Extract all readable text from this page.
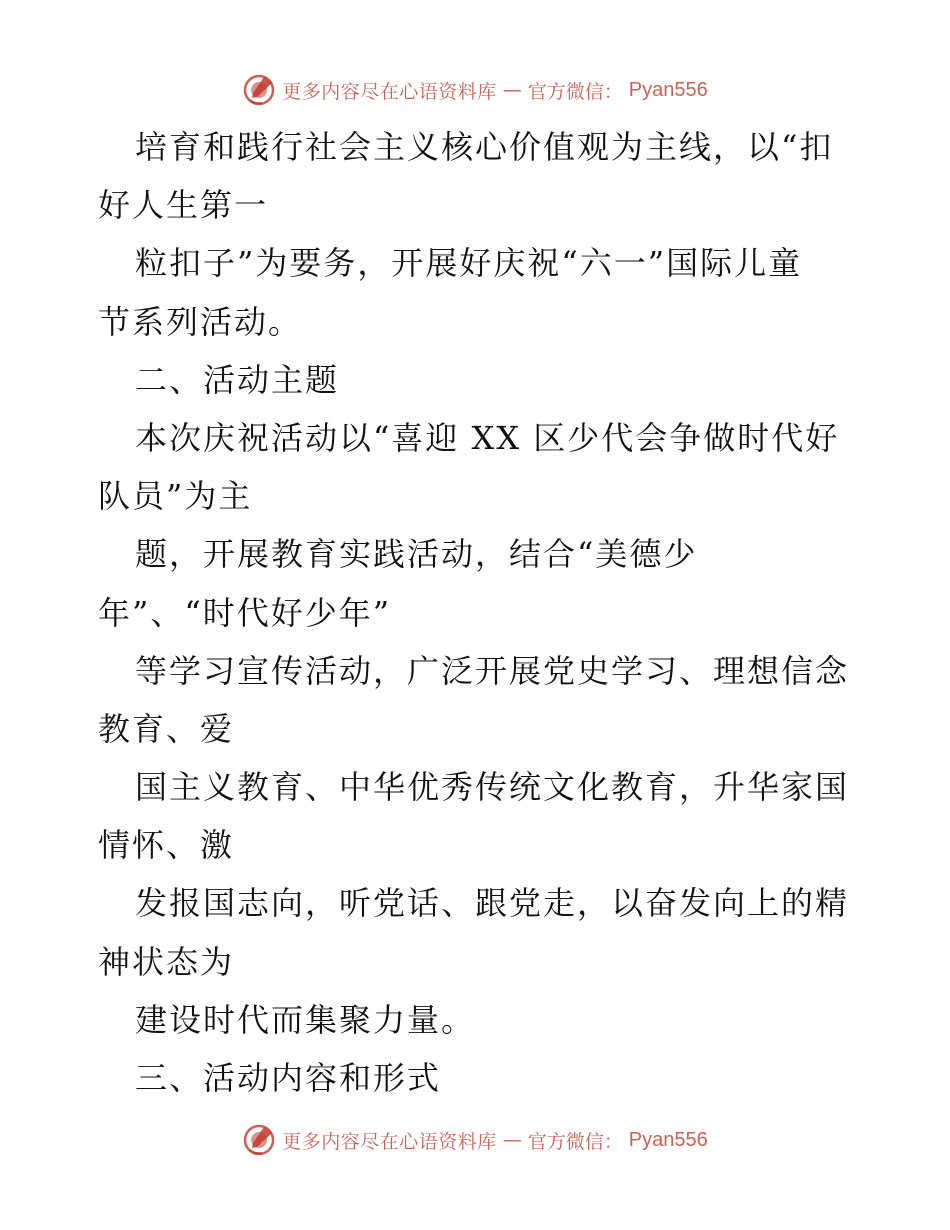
更多内容尽在心语资料库 — 官方微信： Pyan556
培育和践行社会主义核心价值观为主线，以“扣
好人生第一
粒扣子”为要务，开展好庆祝“六一”国际儿童
节系列活动。
二、活动主题
本次庆祝活动以“喜迎 XX 区少代会争做时代好
队员”为主
题，开展教育实践活动，结合“美德少
年”、“时代好少年”
等学习宣传活动，广泛开展党史学习、理想信念
教育、爱
国主义教育、中华优秀传统文化教育，升华家国
情怀、激
发报国志向，听党话、跟党走，以奋发向上的精
神状态为
建设时代而集聚力量。
三、活动内容和形式
更多内容尽在心语资料库 — 官方微信： Pyan556
